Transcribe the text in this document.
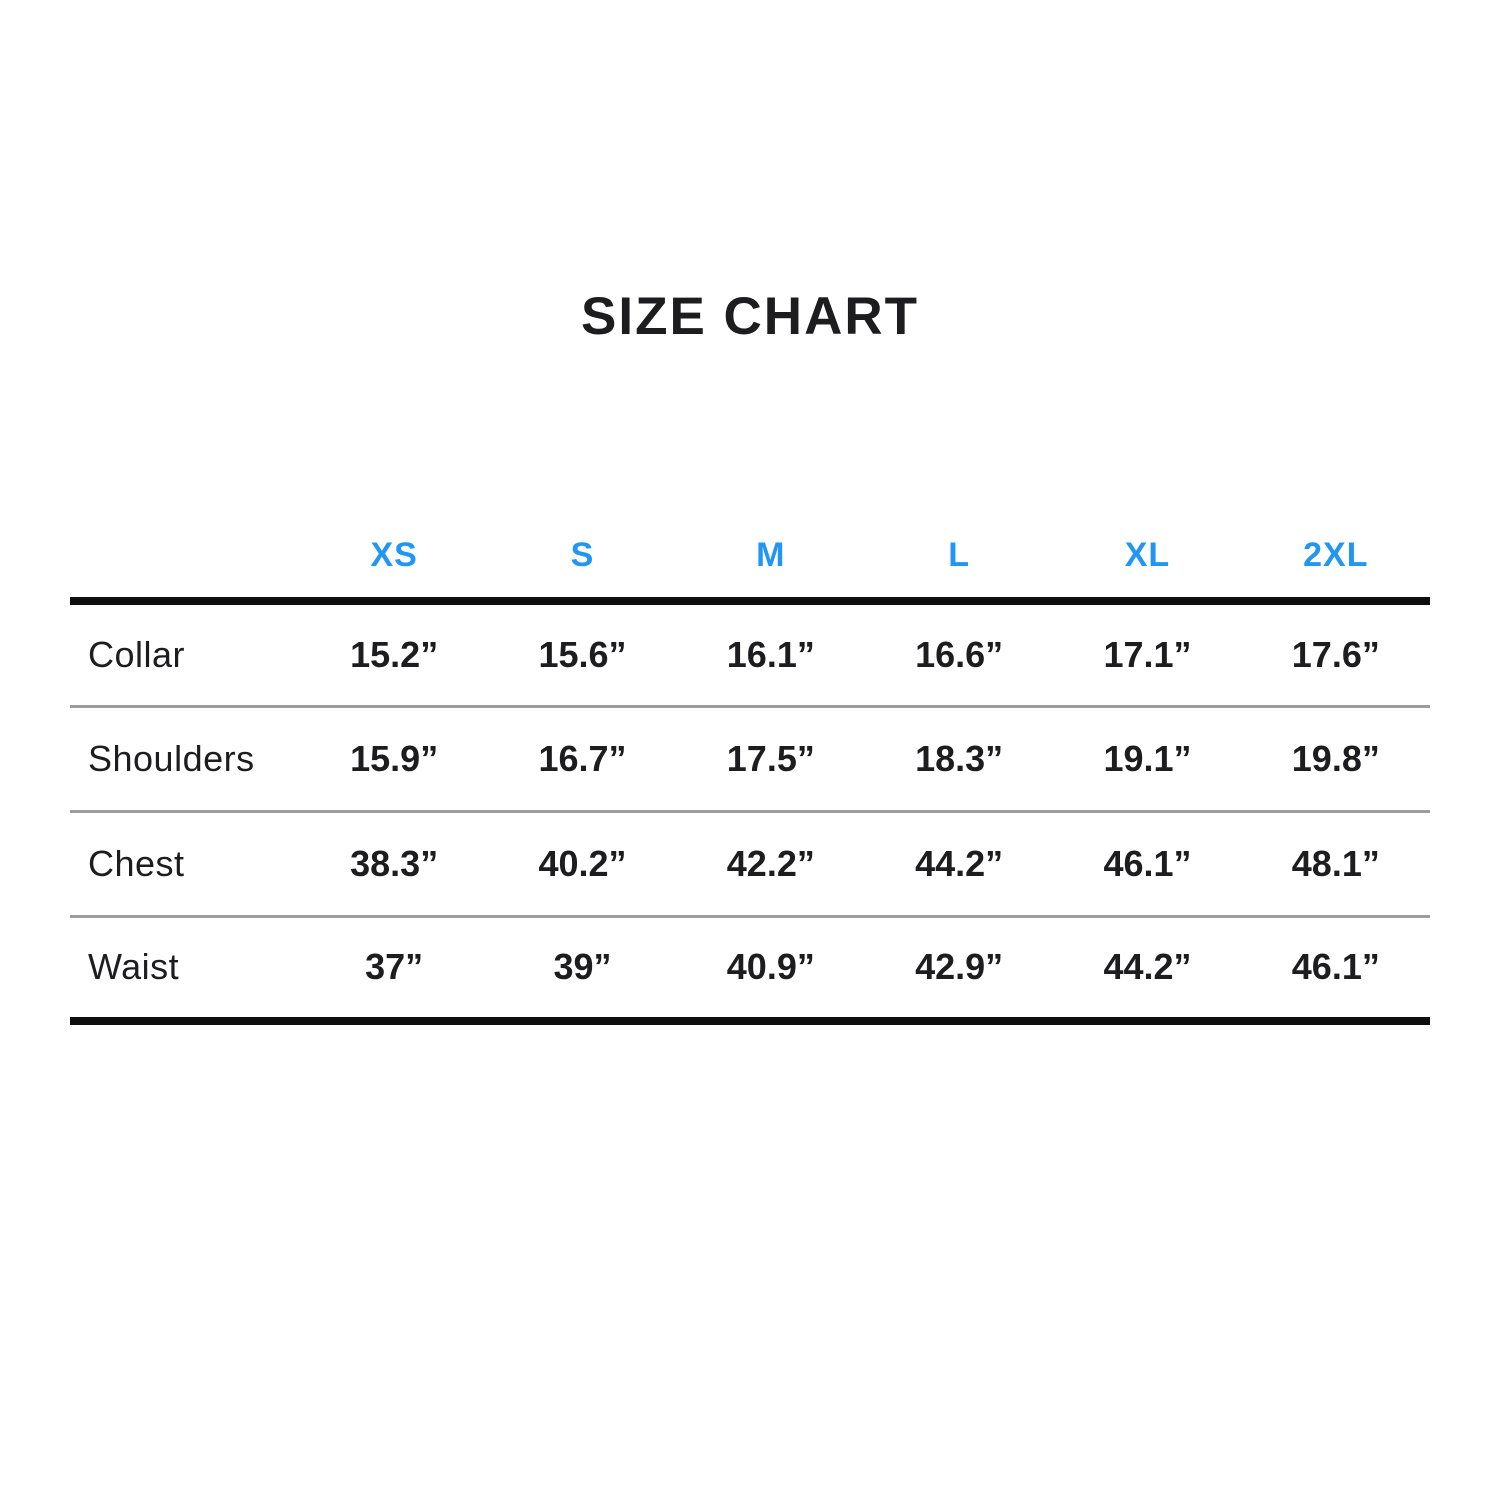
SIZE CHART
	XS	S	M	L	XL	2XL
Collar	15.2”	15.6”	16.1”	16.6”	17.1”	17.6”
Shoulders	15.9”	16.7”	17.5”	18.3”	19.1”	19.8”
Chest	38.3”	40.2”	42.2”	44.2”	46.1”	48.1”
Waist	37”	39”	40.9”	42.9”	44.2”	46.1”
